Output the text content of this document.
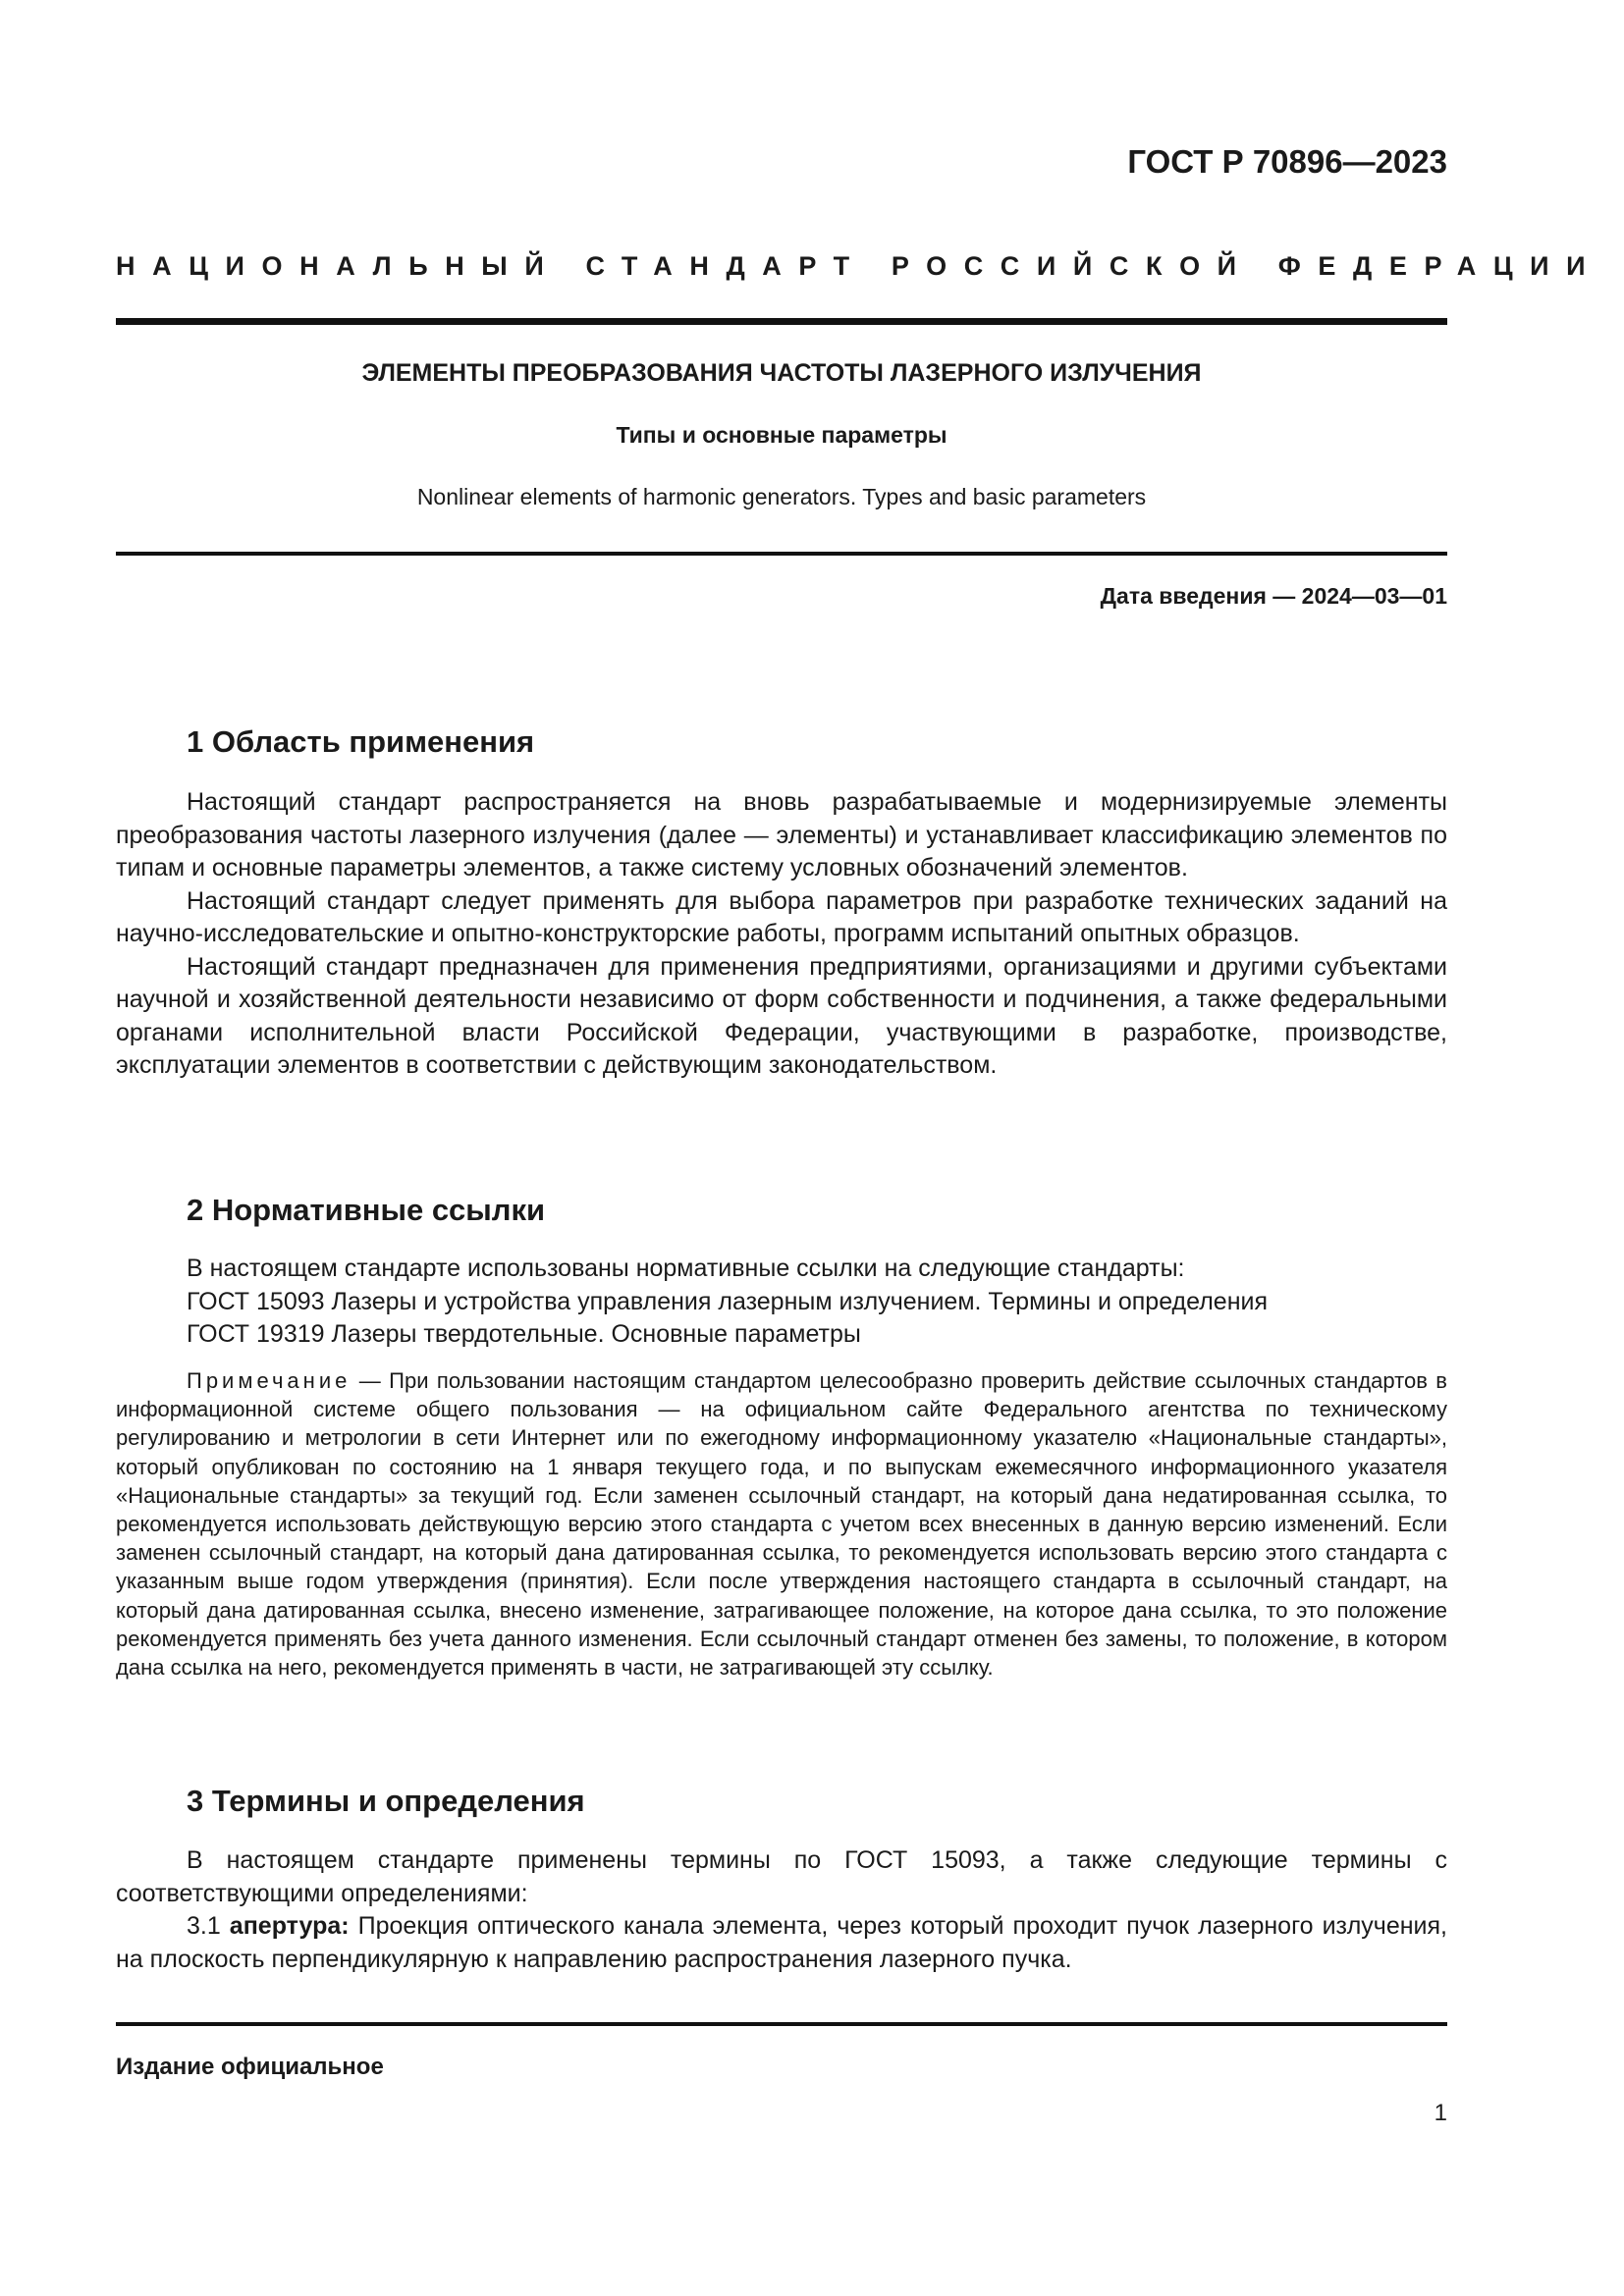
ГОСТ Р 70896—2023
НАЦИОНАЛЬНЫЙ СТАНДАРТ РОССИЙСКОЙ ФЕДЕРАЦИИ
ЭЛЕМЕНТЫ ПРЕОБРАЗОВАНИЯ ЧАСТОТЫ ЛАЗЕРНОГО ИЗЛУЧЕНИЯ
Типы и основные параметры
Nonlinear elements of harmonic generators. Types and basic parameters
Дата введения — 2024—03—01
1 Область применения

Настоящий стандарт распространяется на вновь разрабатываемые и модернизируемые элементы преобразования частоты лазерного излучения (далее — элементы) и устанавливает классификацию элементов по типам и основные параметры элементов, а также систему условных обозначений элементов.

Настоящий стандарт следует применять для выбора параметров при разработке технических заданий на научно-исследовательские и опытно-конструкторские работы, программ испытаний опытных образцов.

Настоящий стандарт предназначен для применения предприятиями, организациями и другими субъектами научной и хозяйственной деятельности независимо от форм собственности и подчинения, а также федеральными органами исполнительной власти Российской Федерации, участвующими в разработке, производстве, эксплуатации элементов в соответствии с действующим законодательством.

2 Нормативные ссылки
В настоящем стандарте использованы нормативные ссылки на следующие стандарты:
ГОСТ 15093 Лазеры и устройства управления лазерным излучением. Термины и определения
ГОСТ 19319 Лазеры твердотельные. Основные параметры

Примечание — При пользовании настоящим стандартом целесообразно проверить действие ссылочных стандартов в информационной системе общего пользования — на официальном сайте Федерального агентства по техническому регулированию и метрологии в сети Интернет или по ежегодному информационному указателю «Национальные стандарты», который опубликован по состоянию на 1 января текущего года, и по выпускам ежемесячного информационного указателя «Национальные стандарты» за текущий год. Если заменен ссылочный стандарт, на который дана недатированная ссылка, то рекомендуется использовать действующую версию этого стандарта с учетом всех внесенных в данную версию изменений. Если заменен ссылочный стандарт, на который дана датированная ссылка, то рекомендуется использовать версию этого стандарта с указанным выше годом утверждения (принятия). Если после утверждения настоящего стандарта в ссылочный стандарт, на который дана датированная ссылка, внесено изменение, затрагивающее положение, на которое дана ссылка, то это положение рекомендуется применять без учета данного изменения. Если ссылочный стандарт отменен без замены, то положение, в котором дана ссылка на него, рекомендуется применять в части, не затрагивающей эту ссылку.

3 Термины и определения

В настоящем стандарте применены термины по ГОСТ 15093, а также следующие термины с соответствующими определениями:

3.1 апертура: Проекция оптического канала элемента, через который проходит пучок лазерного излучения, на плоскость перпендикулярную к направлению распространения лазерного пучка.

Издание официальное
1
